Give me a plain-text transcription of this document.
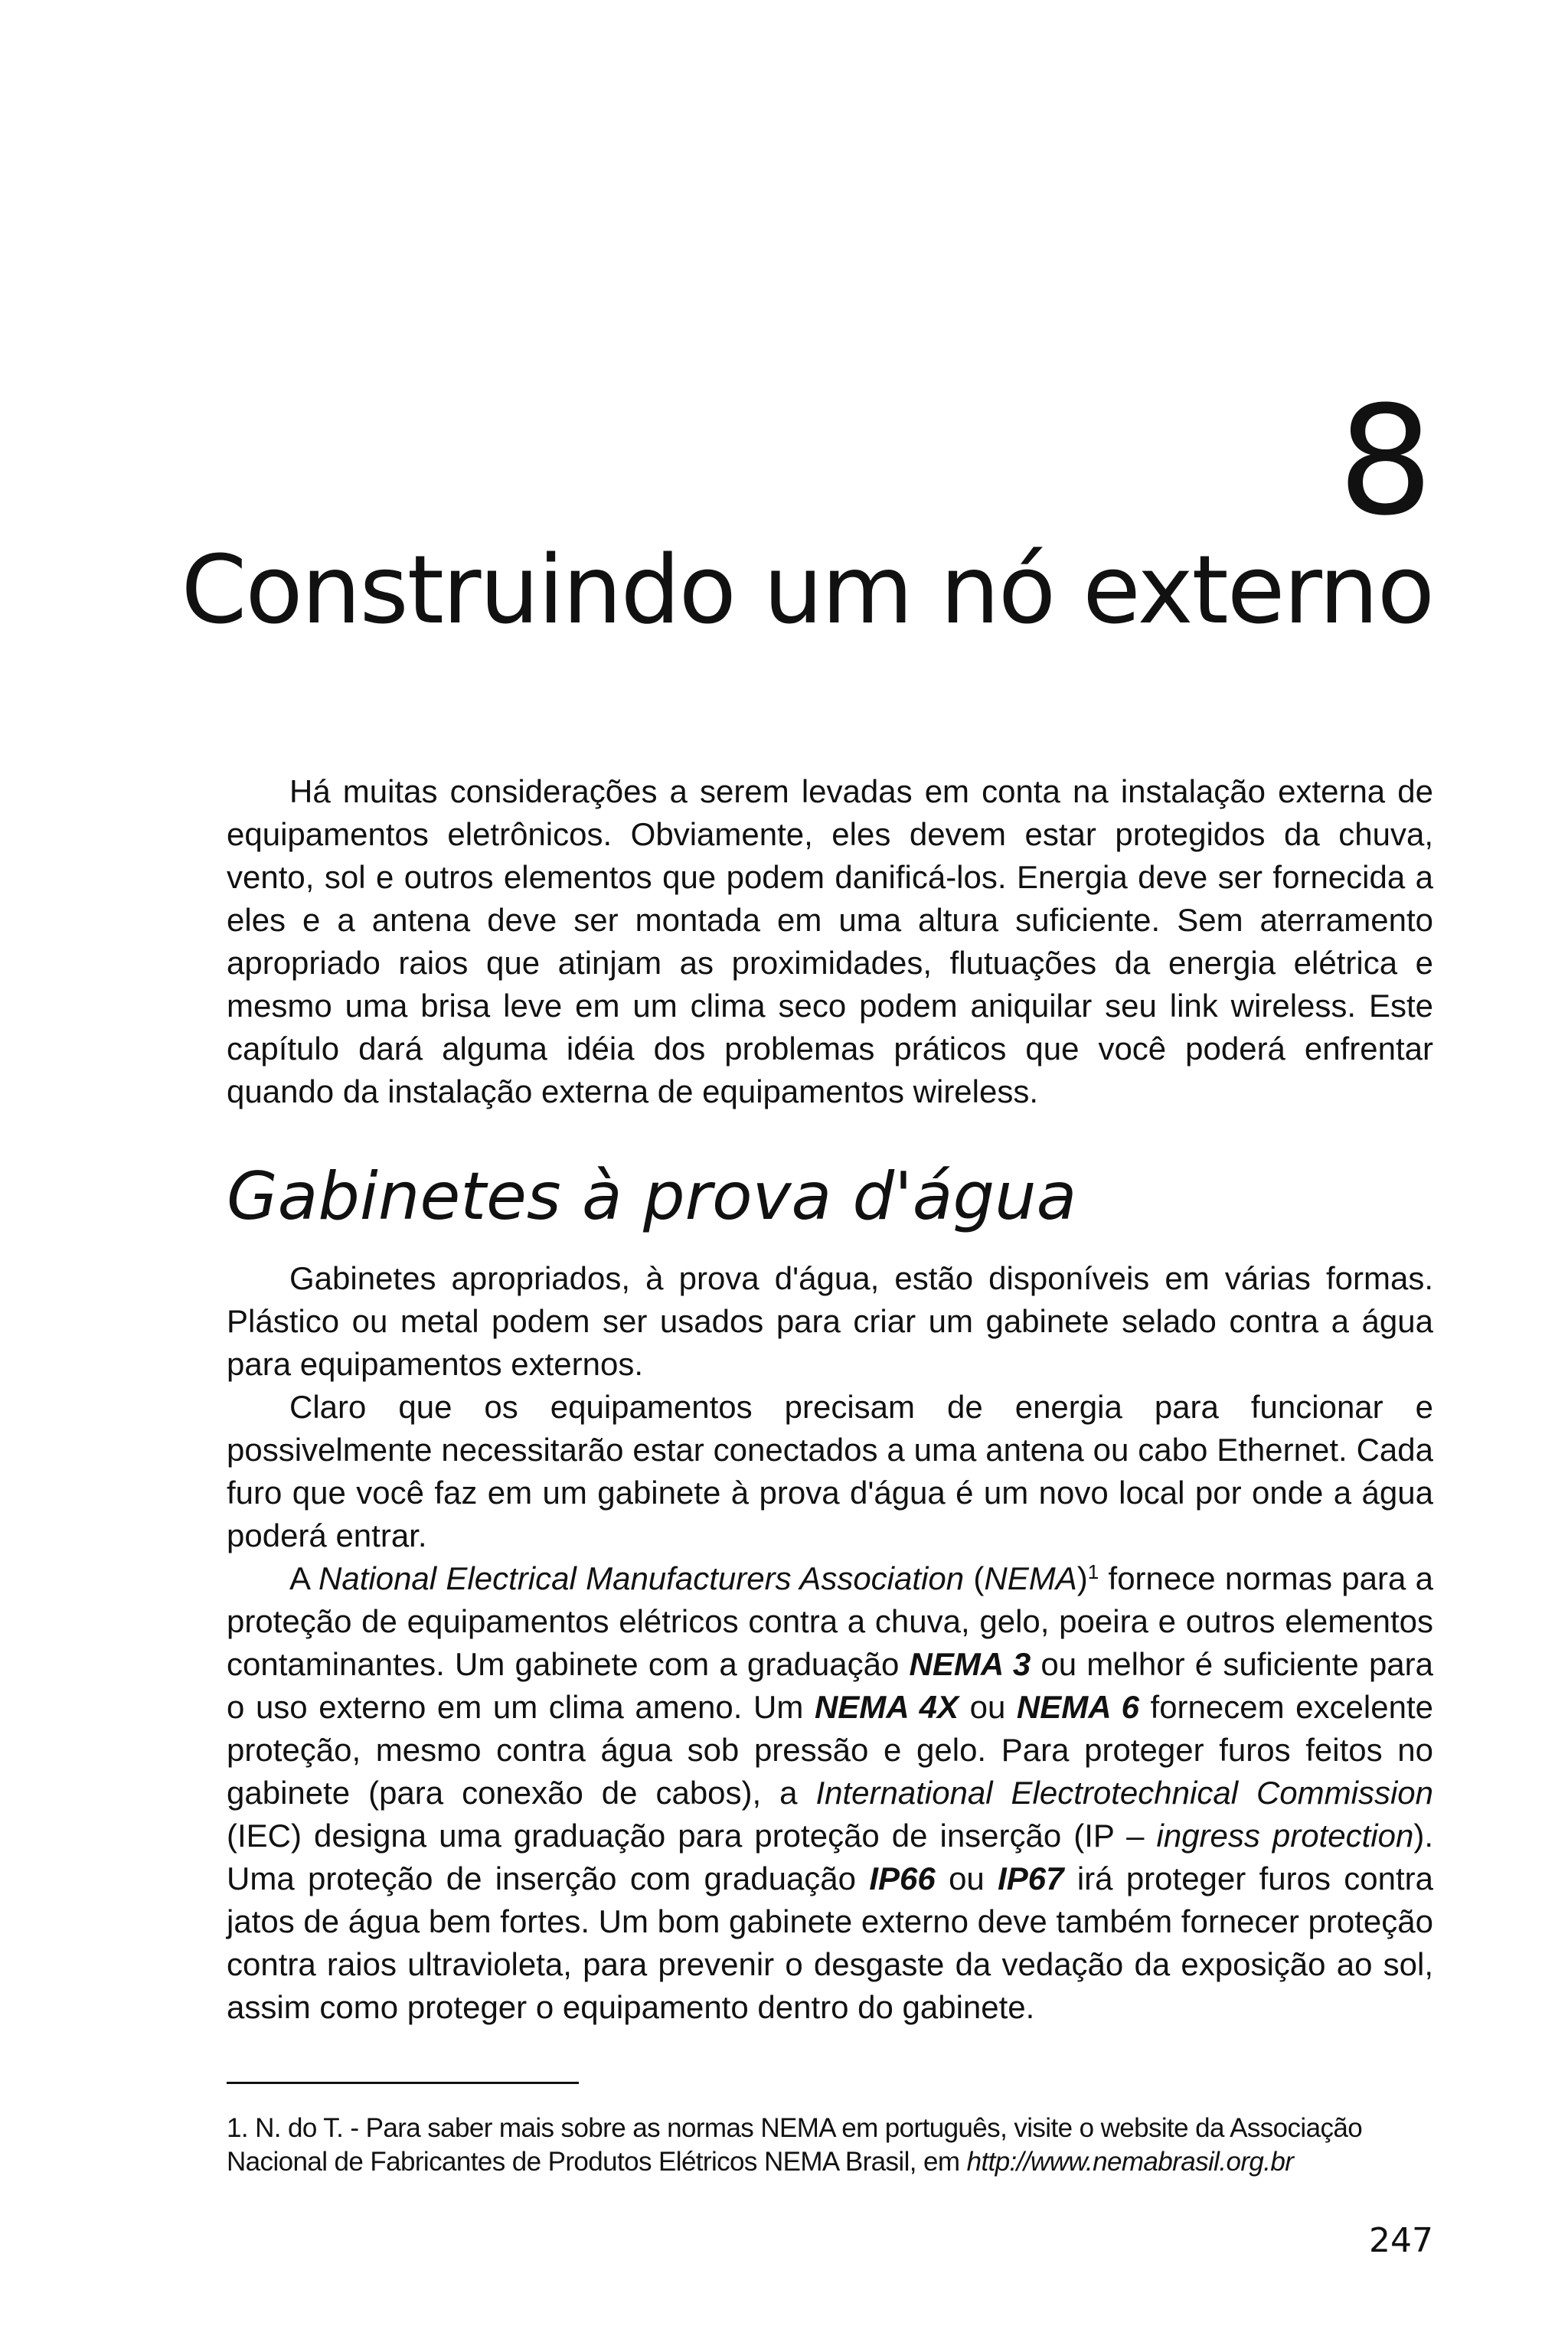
8
Construindo um nó externo

Há muitas considerações a serem levadas em conta na instalação externa de equipamentos eletrônicos. Obviamente, eles devem estar protegidos da chuva, vento, sol e outros elementos que podem danificá-los. Energia deve ser fornecida a eles e a antena deve ser montada em uma altura suficiente. Sem aterramento apropriado raios que atinjam as proximidades, flutuações da energia elétrica e mesmo uma brisa leve em um clima seco podem aniquilar seu link wireless. Este capítulo dará alguma idéia dos problemas práticos que você poderá enfrentar quando da instalação externa de equipamentos wireless.

Gabinetes à prova d'água

Gabinetes apropriados, à prova d'água, estão disponíveis em várias formas. Plástico ou metal podem ser usados para criar um gabinete selado contra a água para equipamentos externos.

Claro que os equipamentos precisam de energia para funcionar e possivelmente necessitarão estar conectados a uma antena ou cabo Ethernet. Cada furo que você faz em um gabinete à prova d'água é um novo local por onde a água poderá entrar.

A National Electrical Manufacturers Association (NEMA)$^1$ fornece normas para a proteção de equipamentos elétricos contra a chuva, gelo, poeira e outros elementos contaminantes. Um gabinete com a graduação NEMA 3 ou melhor é suficiente para o uso externo em um clima ameno. Um NEMA 4X ou NEMA 6 fornecem excelente proteção, mesmo contra água sob pressão e gelo. Para proteger furos feitos no gabinete (para conexão de cabos), a International Electrotechnical Commission (IEC) designa uma graduação para proteção de inserção (IP – ingress protection). Uma proteção de inserção com graduação IP66 ou IP67 irá proteger furos contra jatos de água bem fortes. Um bom gabinete externo deve também fornecer proteção contra raios ultravioleta, para prevenir o desgaste da vedação da exposição ao sol, assim como proteger o equipamento dentro do gabinete.

1. N. do T. - Para saber mais sobre as normas NEMA em português, visite o website da Associação Nacional de Fabricantes de Produtos Elétricos NEMA Brasil, em http://www.nemabrasil.org.br

247
